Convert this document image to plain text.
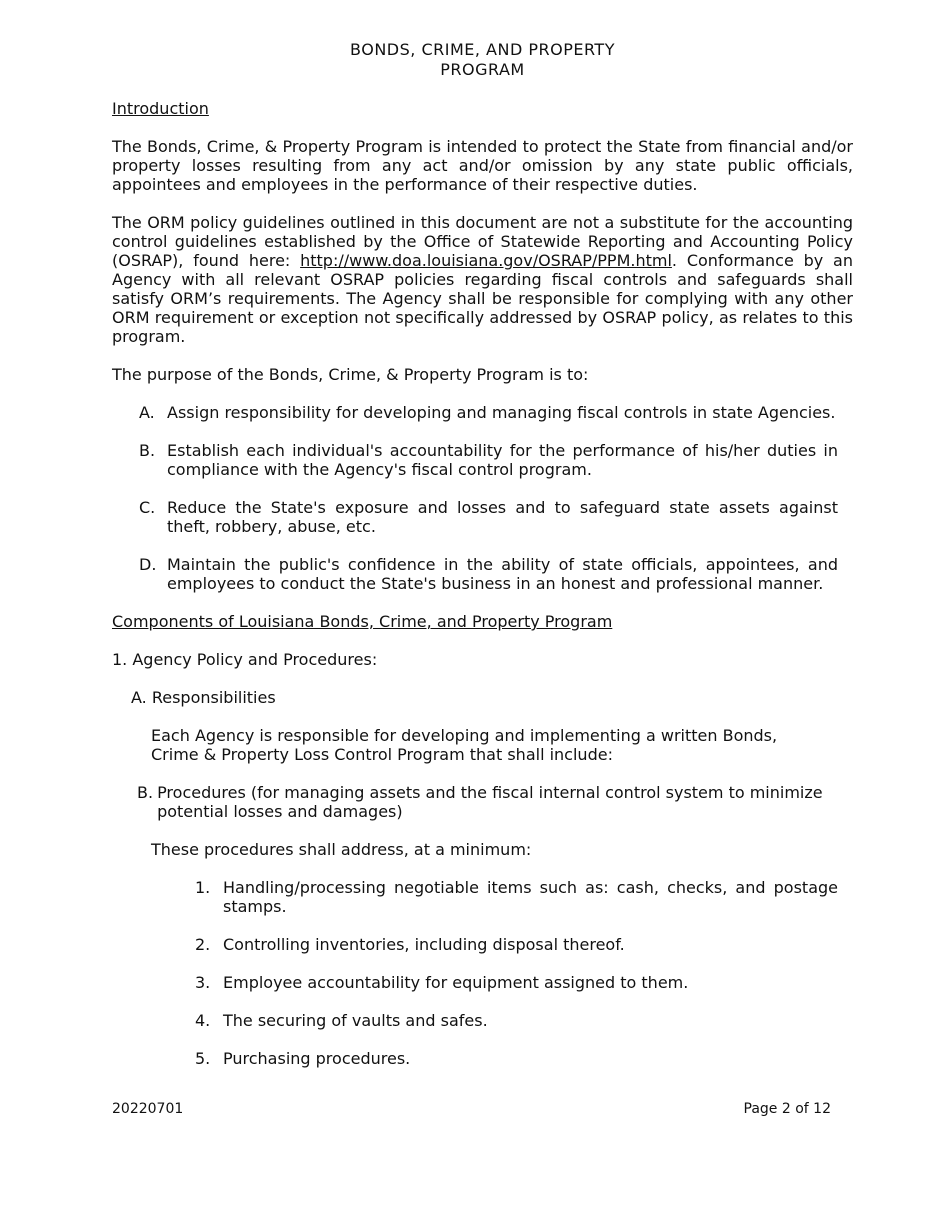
BONDS, CRIME, AND PROPERTY
PROGRAM
Introduction

The Bonds, Crime, & Property Program is intended to protect the State from financial and/or property losses resulting from any act and/or omission by any state public officials, appointees and employees in the performance of their respective duties.

The ORM policy guidelines outlined in this document are not a substitute for the accounting control guidelines established by the Office of Statewide Reporting and Accounting Policy (OSRAP), found here: http://www.doa.louisiana.gov/OSRAP/PPM.html. Conformance by an Agency with all relevant OSRAP policies regarding fiscal controls and safeguards shall satisfy ORM’s requirements. The Agency shall be responsible for complying with any other ORM requirement or exception not specifically addressed by OSRAP policy, as relates to this program.

The purpose of the Bonds, Crime, & Property Program is to:

A. Assign responsibility for developing and managing fiscal controls in state Agencies.
B. Establish each individual's accountability for the performance of his/her duties in compliance with the Agency's fiscal control program.
C. Reduce the State's exposure and losses and to safeguard state assets against theft, robbery, abuse, etc.
D. Maintain the public's confidence in the ability of state officials, appointees, and employees to conduct the State's business in an honest and professional manner.
Components of Louisiana Bonds, Crime, and Property Program

1. Agency Policy and Procedures:

A. Responsibilities

Each Agency is responsible for developing and implementing a written Bonds,
Crime & Property Loss Control Program that shall include:
B. Procedures (for managing assets and the fiscal internal control system to minimize potential losses and damages)

These procedures shall address, at a minimum:

1. Handling/processing negotiable items such as: cash, checks, and postage stamps.
2. Controlling inventories, including disposal thereof.
3. Employee accountability for equipment assigned to them.
4. The securing of vaults and safes.
5. Purchasing procedures.
20220701	Page 2 of 12
